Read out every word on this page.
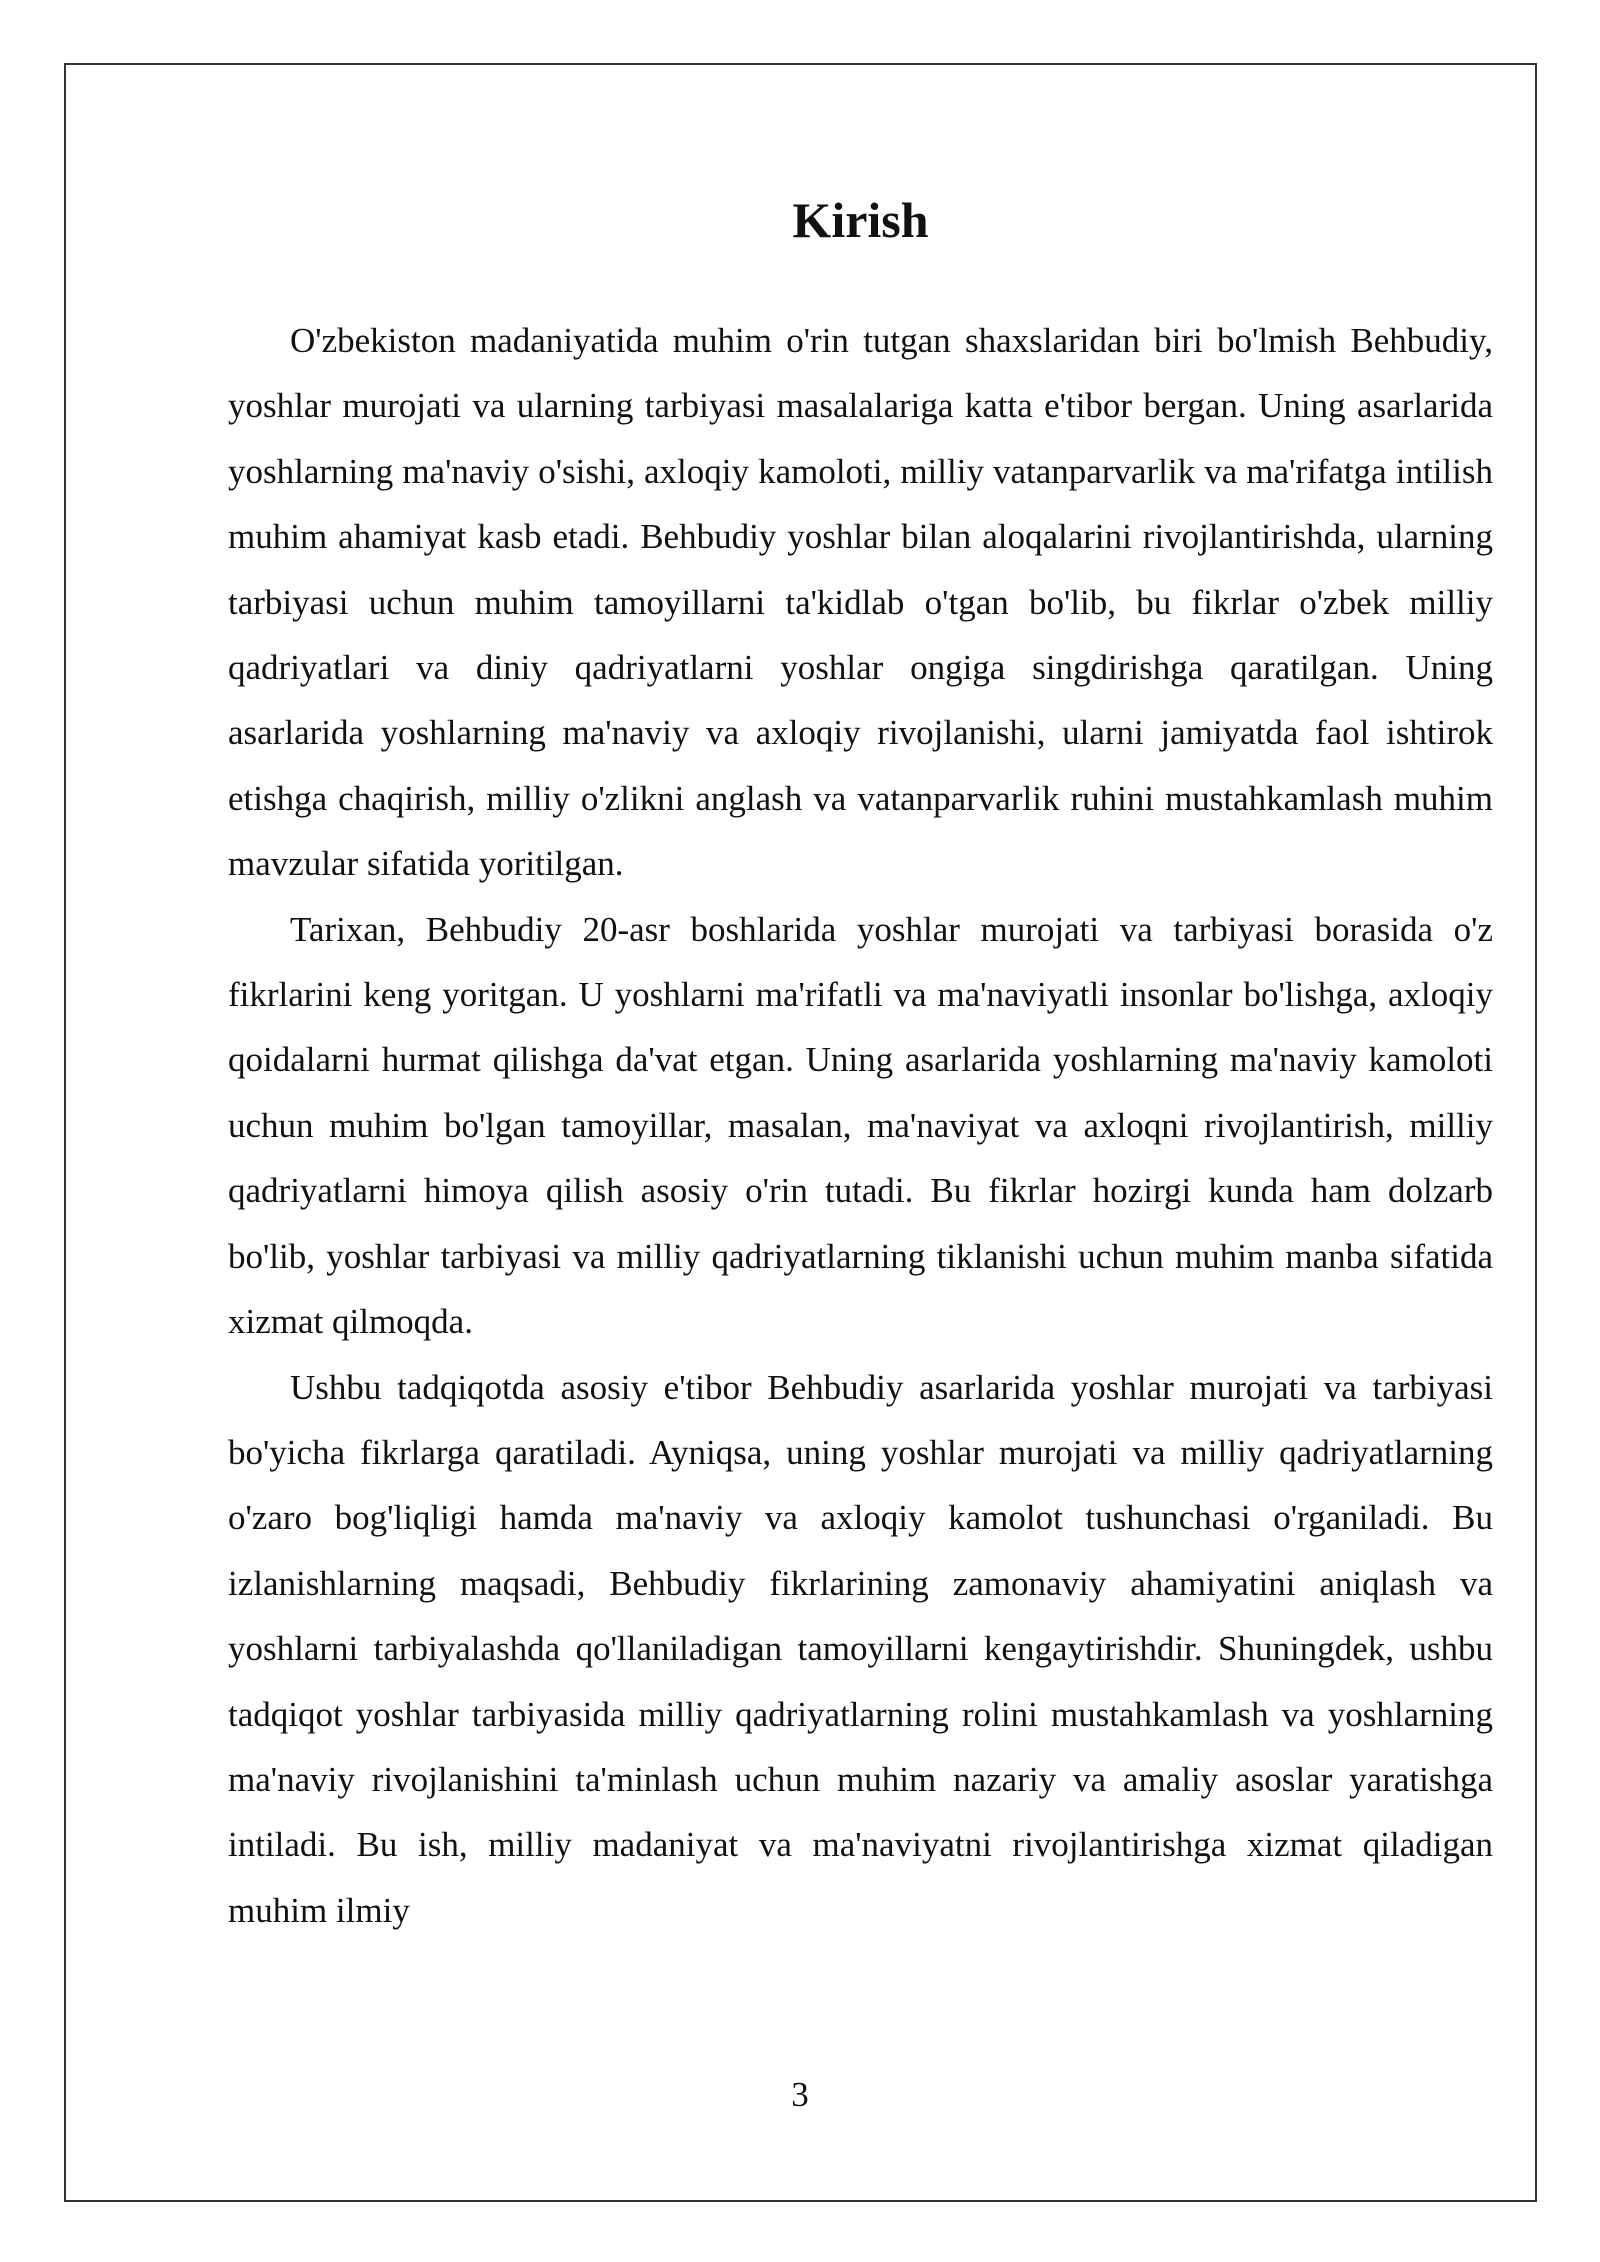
Kirish

O'zbekiston madaniyatida muhim o'rin tutgan shaxslaridan biri bo'lmish Behbudiy, yoshlar murojati va ularning tarbiyasi masalalariga katta e'tibor bergan. Uning asarlarida yoshlarning ma'naviy o'sishi, axloqiy kamoloti, milliy vatanparvarlik va ma'rifatga intilish muhim ahamiyat kasb etadi. Behbudiy yoshlar bilan aloqalarini rivojlantirishda, ularning tarbiyasi uchun muhim tamoyillarni ta'kidlab o'tgan bo'lib, bu fikrlar o'zbek milliy qadriyatlari va diniy qadriyatlarni yoshlar ongiga singdirishga qaratilgan. Uning asarlarida yoshlarning ma'naviy va axloqiy rivojlanishi, ularni jamiyatda faol ishtirok etishga chaqirish, milliy o'zlikni anglash va vatanparvarlik ruhini mustahkamlash muhim mavzular sifatida yoritilgan.

Tarixan, Behbudiy 20-asr boshlarida yoshlar murojati va tarbiyasi borasida o'z fikrlarini keng yoritgan. U yoshlarni ma'rifatli va ma'naviyatli insonlar bo'lishga, axloqiy qoidalarni hurmat qilishga da'vat etgan. Uning asarlarida yoshlarning ma'naviy kamoloti uchun muhim bo'lgan tamoyillar, masalan, ma'naviyat va axloqni rivojlantirish, milliy qadriyatlarni himoya qilish asosiy o'rin tutadi. Bu fikrlar hozirgi kunda ham dolzarb bo'lib, yoshlar tarbiyasi va milliy qadriyatlarning tiklanishi uchun muhim manba sifatida xizmat qilmoqda.

Ushbu tadqiqotda asosiy e'tibor Behbudiy asarlarida yoshlar murojati va tarbiyasi bo'yicha fikrlarga qaratiladi. Ayniqsa, uning yoshlar murojati va milliy qadriyatlarning o'zaro bog'liqligi hamda ma'naviy va axloqiy kamolot tushunchasi o'rganiladi. Bu izlanishlarning maqsadi, Behbudiy fikrlarining zamonaviy ahamiyatini aniqlash va yoshlarni tarbiyalashda qo'llaniladigan tamoyillarni kengaytirishdir. Shuningdek, ushbu tadqiqot yoshlar tarbiyasida milliy qadriyatlarning rolini mustahkamlash va yoshlarning ma'naviy rivojlanishini ta'minlash uchun muhim nazariy va amaliy asoslar yaratishga intiladi. Bu ish, milliy madaniyat va ma'naviyatni rivojlantirishga xizmat qiladigan muhim ilmiy

3
